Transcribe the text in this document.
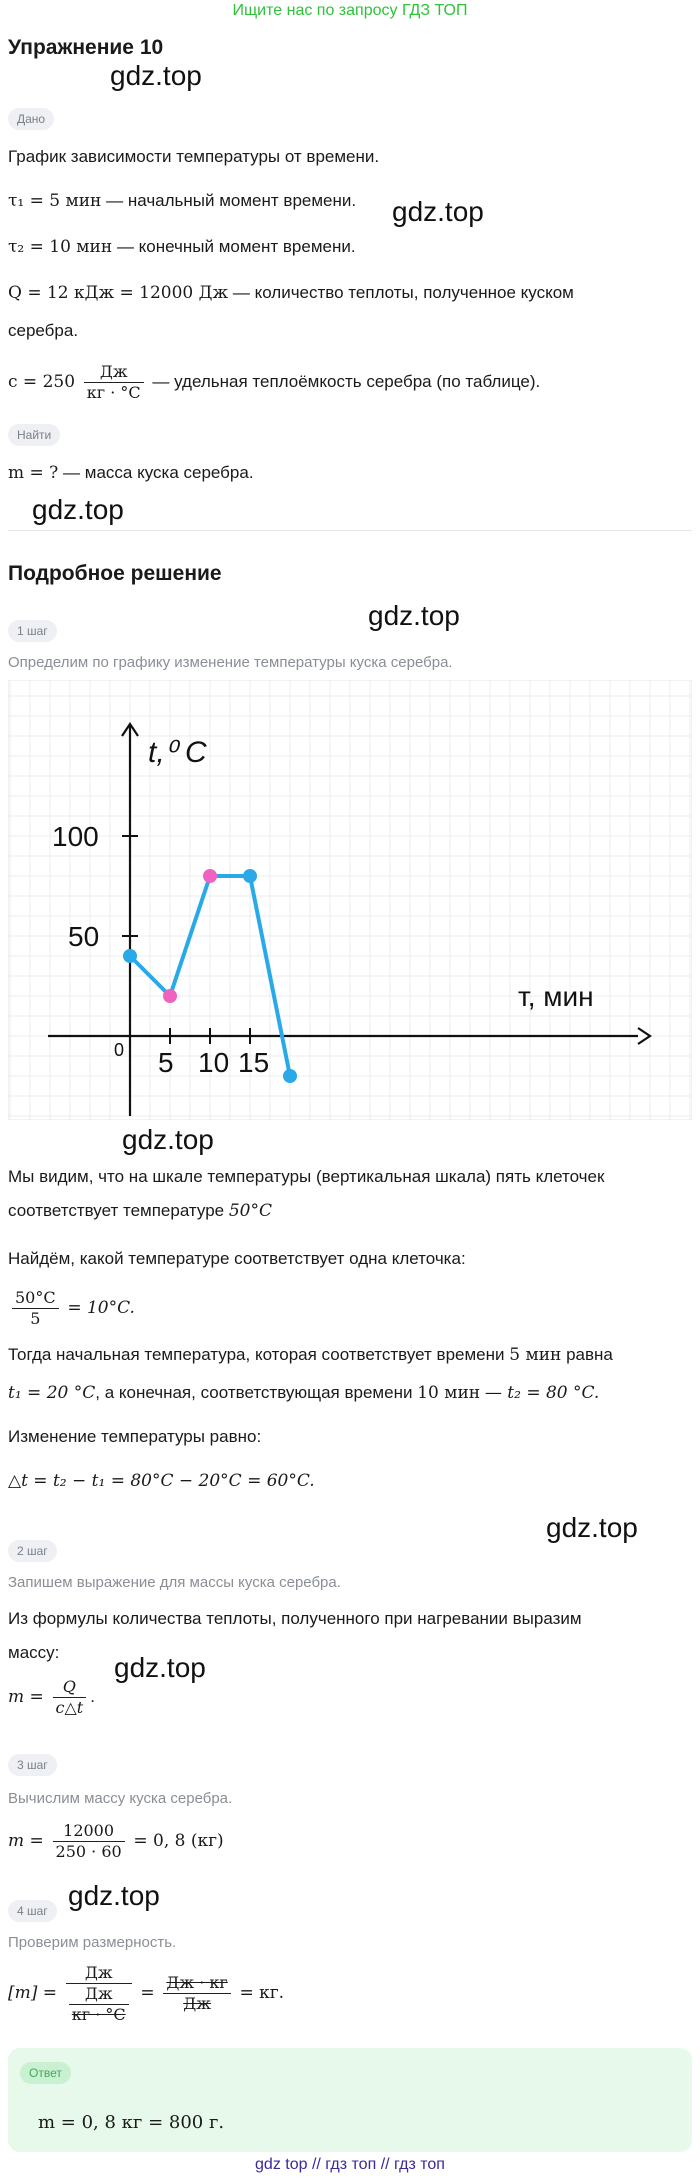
Ищите нас по запросу ГДЗ ТОП
Упражнение 10
gdz.top
gdz.top
gdz.top
gdz.top
gdz.top
gdz.top
gdz.top
gdz.top
Дано
График зависимости температуры от времени.
τ₁ = 5 мин — начальный момент времени.
τ₂ = 10 мин — конечный момент времени.
Q = 12 кДж = 12000 Дж — количество теплоты, полученное куском
серебра.
$c = 250 \frac{Дж}{кг \cdot ^\circ C}$ — удельная теплоёмкость серебра (по таблице).
Найти
m = ? — масса куска серебра.
Подробное решение
1 шаг
Определим по графику изменение температуры куска серебра.
5 10 15
50
100
0
t,⁰ C
т, мин
Мы видим, что на шкале температуры (вертикальная шкала) пять клеточек
соответствует температуре 50°C
Найдём, какой температуре соответствует одна клеточка:
$\frac{50^\circ C}{5} = 10^\circ C$.
Тогда начальная температура, которая соответствует времени 5 мин равна
t₁ = 20 °C, а конечная, соответствующая времени 10 мин — t₂ = 80 °C.
Изменение температуры равно:
△t = t₂ − t₁ = 80°C − 20°C = 60°C.
2 шаг
Запишем выражение для массы куска серебра.
Из формулы количества теплоты, полученного при нагревании выразим
массу:
$m = \frac{Q}{c\triangle t}$ .
3 шаг
Вычислим массу куска серебра.
$m = \frac{12000}{250 \cdot 60} = 0$, 8 (кг)
4 шаг
Проверим размерность.
$[m] = \frac{Дж}{\frac{Дж}{кг \cdot ^\circ C}} = \frac{Дж \cdot кг}{Дж}$ = кг.
Ответ
m = 0, 8 кг = 800 г.
gdz top // гдз топ // гдз топ
